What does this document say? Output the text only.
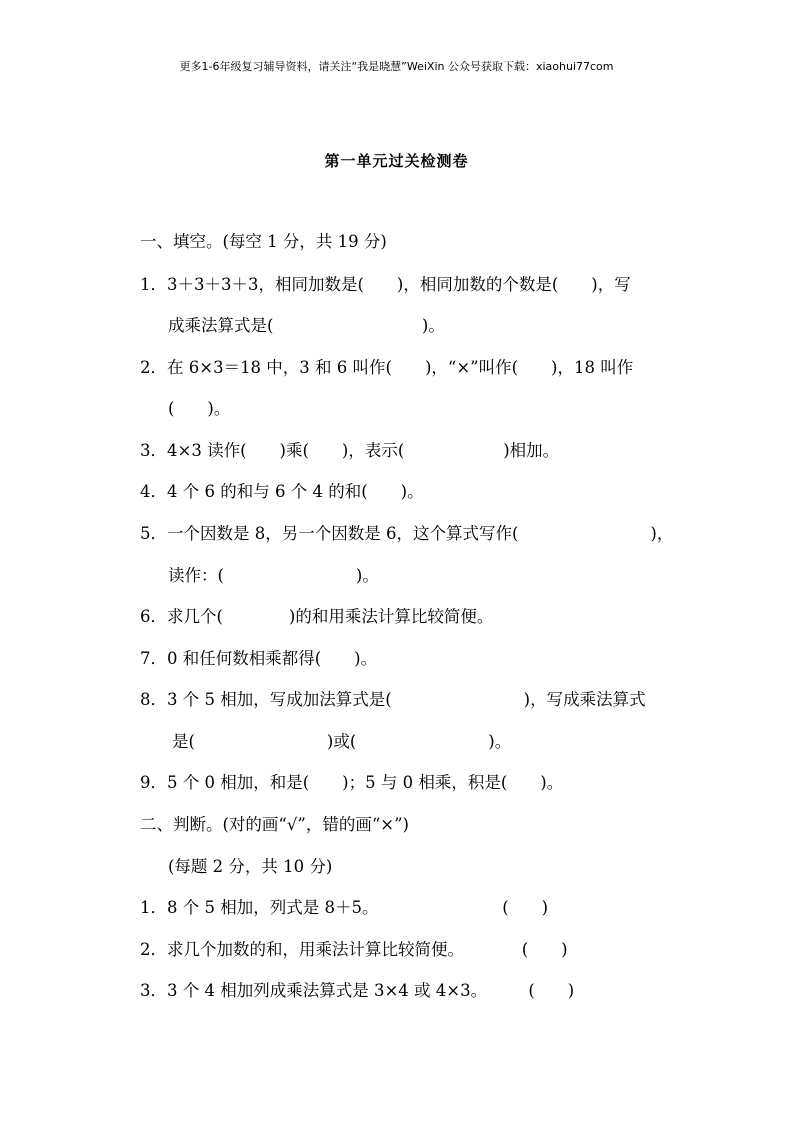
更多1-6年级复习辅导资料，请关注“我是晓慧”WeiXin 公众号获取下载：xiaohui77com
第一单元过关检测卷
一、填空。(每空 1 分，共 19 分)
1．3＋3＋3＋3，相同加数是(　　)，相同加数的个数是(　　)，写
成乘法算式是(　　　　　　　　　)。
2．在 6×3＝18 中，3 和 6 叫作(　　)，“×”叫作(　　)，18 叫作
(　　)。
3．4×3 读作(　　)乘(　　)，表示(　　　　　　)相加。
4．4 个 6 的和与 6 个 4 的和(　　)。
5．一个因数是 8，另一个因数是 6，这个算式写作(　　　　　　　　)，
读作：(　　　　　　　　)。
6．求几个(　　　　)的和用乘法计算比较简便。
7．0 和任何数相乘都得(　　)。
8．3 个 5 相加，写成加法算式是(　　　　　　　　)，写成乘法算式
是(　　　　　　　　)或(　　　　　　　　)。
9．5 个 0 相加，和是(　　)；5 与 0 相乘，积是(　　)。
二、判断。(对的画“√”，错的画“×”)
(每题 2 分，共 10 分)
1．8 个 5 相加，列式是 8＋5。　　　　　　　　(　　)
2．求几个加数的和，用乘法计算比较简便。　　　　(　　)
3．3 个 4 相加列成乘法算式是 3×4 或 4×3。　　　(　　)
